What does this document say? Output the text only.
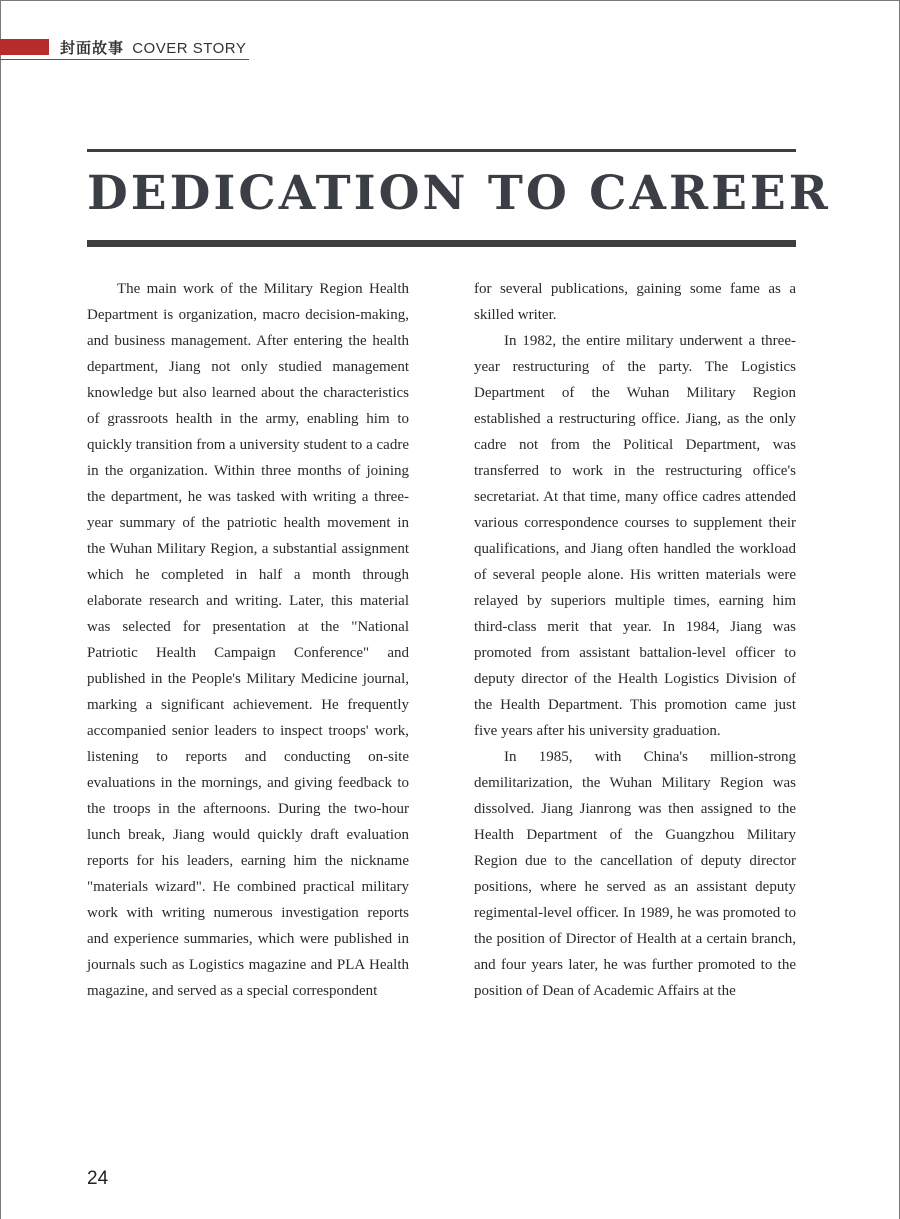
封面故事 COVER STORY
DEDICATION TO CAREER

The main work of the Military Region Health Department is organization, macro decision-making, and business management. After entering the health department, Jiang not only studied management knowledge but also learned about the characteristics of grassroots health in the army, enabling him to quickly transition from a university student to a cadre in the organization. Within three months of joining the department, he was tasked with writing a three-year summary of the patriotic health movement in the Wuhan Military Region, a substantial assignment which he completed in half a month through elaborate research and writing. Later, this material was selected for presentation at the "National Patriotic Health Campaign Conference" and published in the People's Military Medicine journal, marking a significant achievement. He frequently accompanied senior leaders to inspect troops' work, listening to reports and conducting on-site evaluations in the mornings, and giving feedback to the troops in the afternoons. During the two-hour lunch break, Jiang would quickly draft evaluation reports for his leaders, earning him the nickname "materials wizard". He combined practical military work with writing numerous investigation reports and experience summaries, which were published in journals such as Logistics magazine and PLA Health magazine, and served as a special correspondent

for several publications, gaining some fame as a skilled writer.

In 1982, the entire military underwent a three-year restructuring of the party. The Logistics Department of the Wuhan Military Region established a restructuring office. Jiang, as the only cadre not from the Political Department, was transferred to work in the restructuring office's secretariat. At that time, many office cadres attended various correspondence courses to supplement their qualifications, and Jiang often handled the workload of several people alone. His written materials were relayed by superiors multiple times, earning him third-class merit that year. In 1984, Jiang was promoted from assistant battalion-level officer to deputy director of the Health Logistics Division of the Health Department. This promotion came just five years after his university graduation.

In 1985, with China's million-strong demilitarization, the Wuhan Military Region was dissolved. Jiang Jianrong was then assigned to the Health Department of the Guangzhou Military Region due to the cancellation of deputy director positions, where he served as an assistant deputy regimental-level officer. In 1989, he was promoted to the position of Director of Health at a certain branch, and four years later, he was further promoted to the position of Dean of Academic Affairs at the

24
